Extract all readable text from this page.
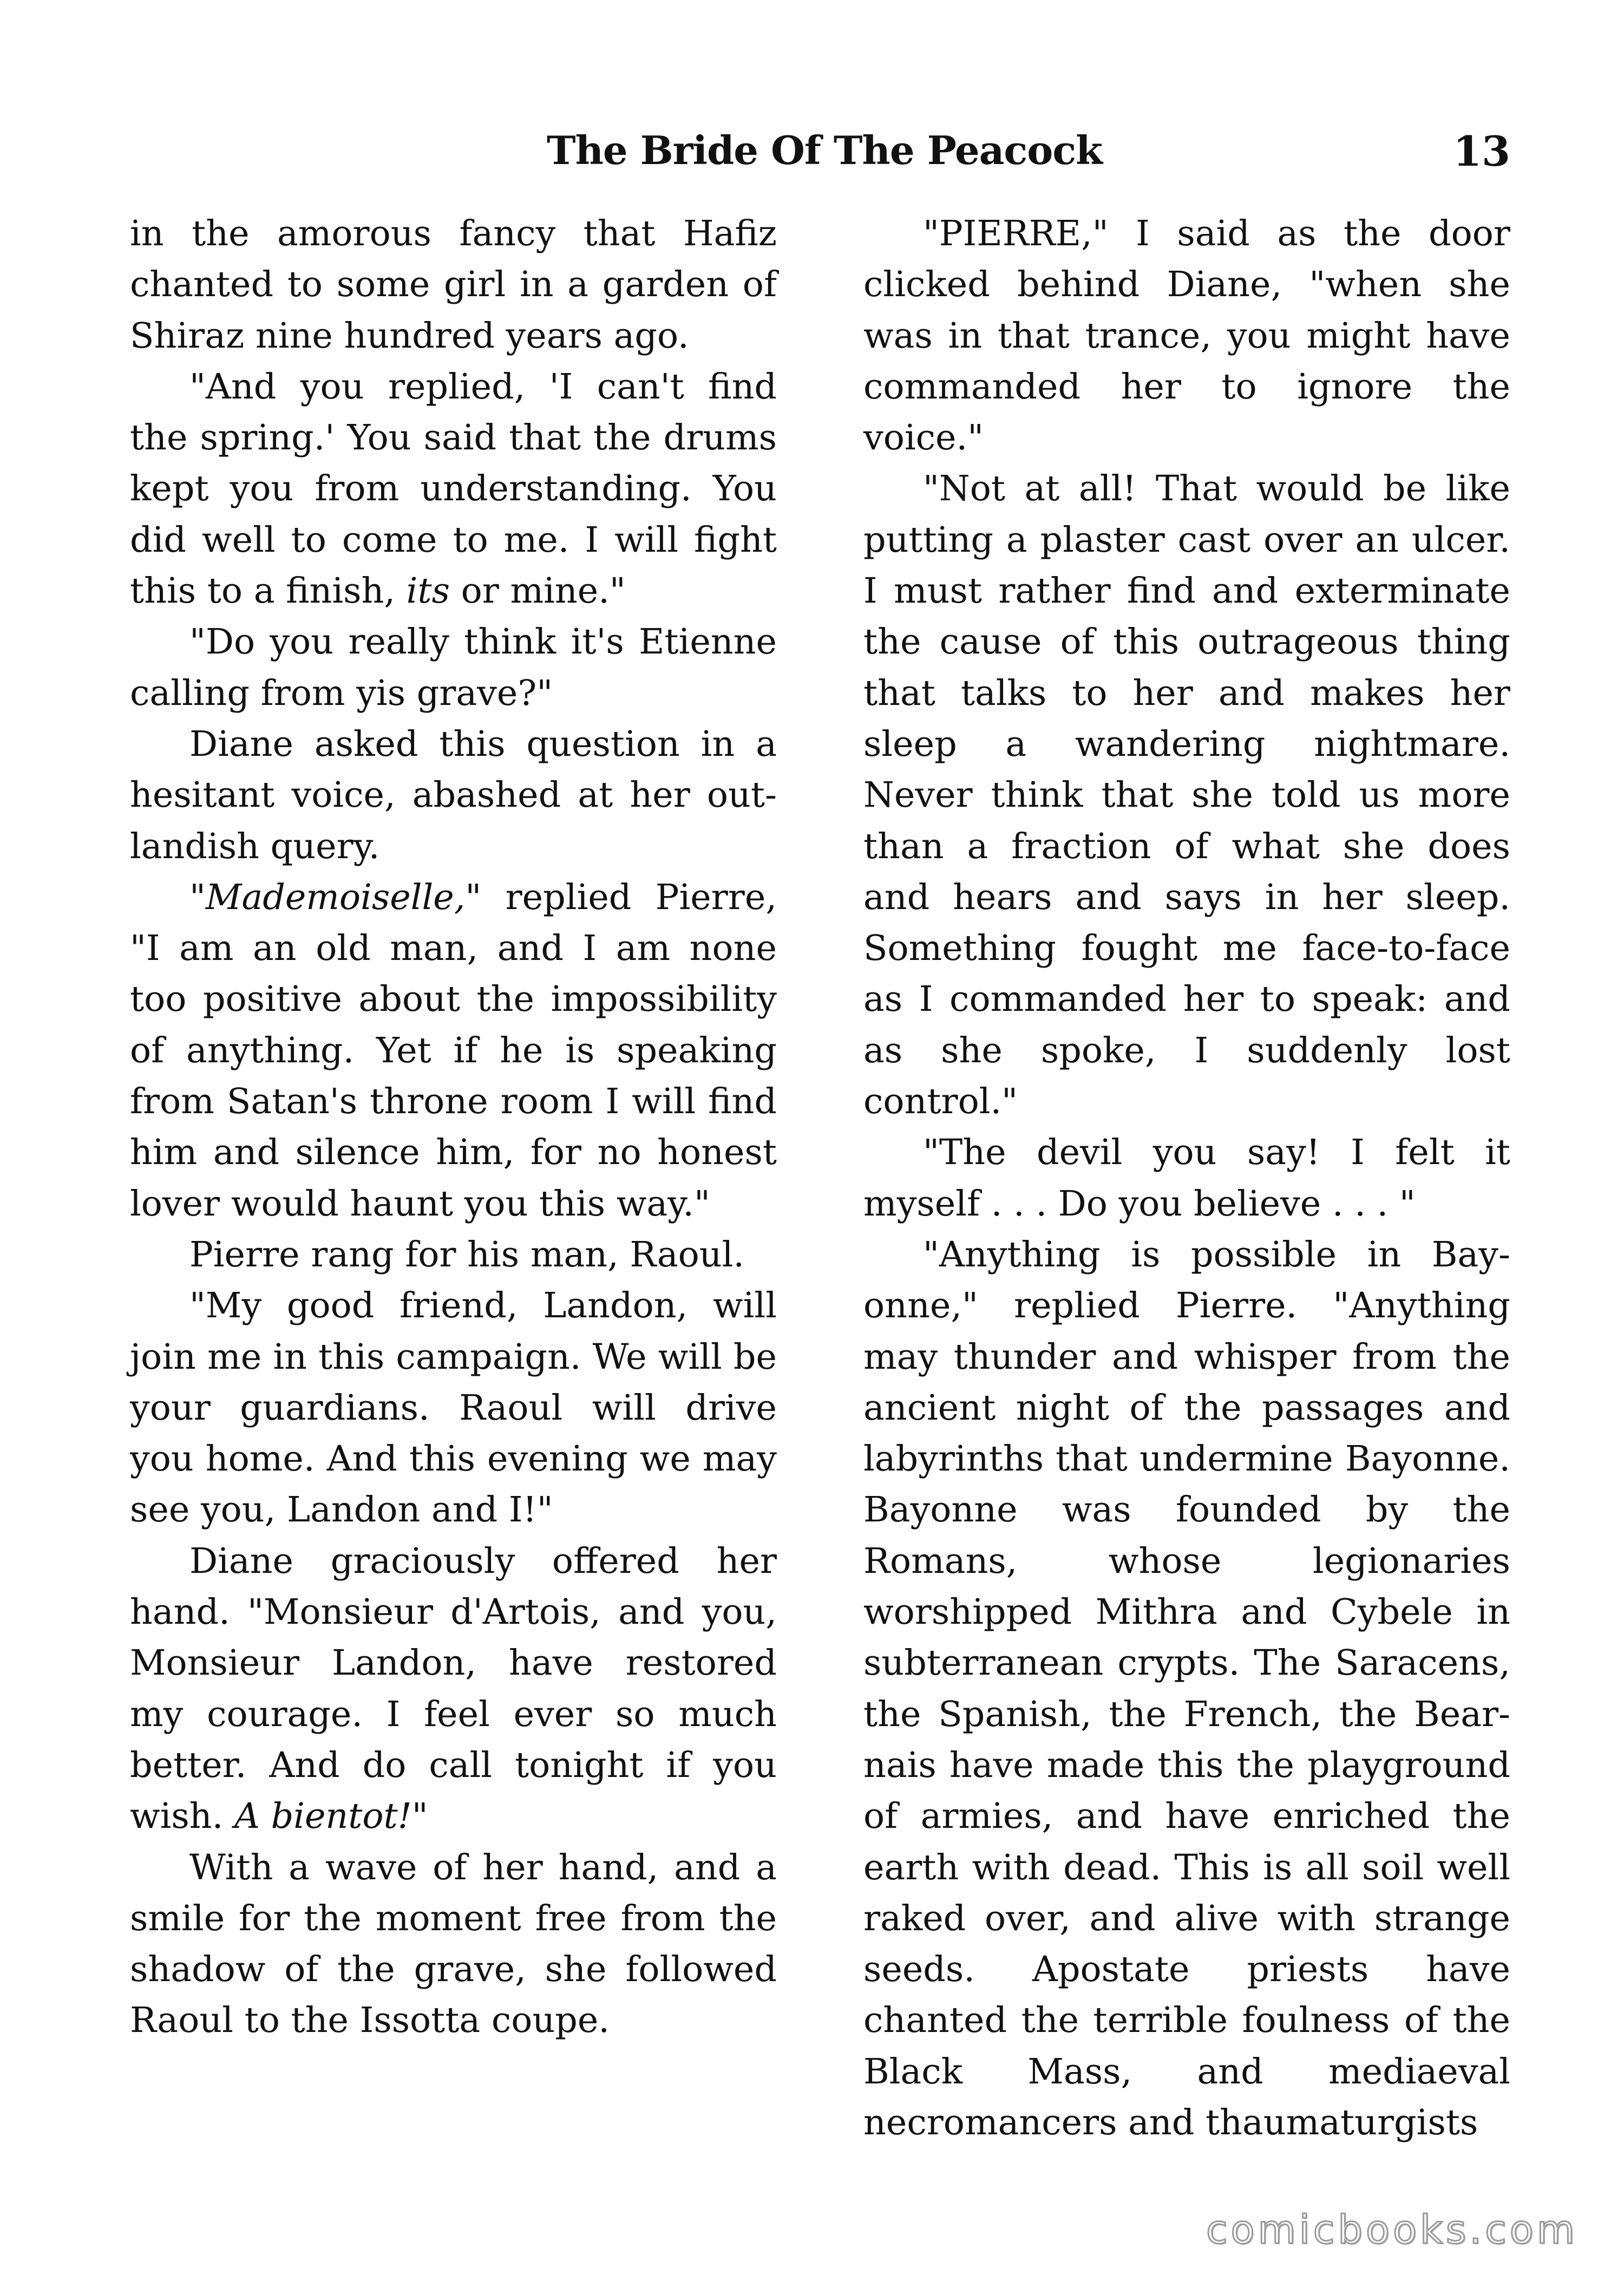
The Bride Of The Peacock	13

in the amorous fancy that Hafiz chanted to some girl in a garden of Shiraz nine hundred years ago.

"And you replied, 'I can't find the spring.' You said that the drums kept you from understanding. You did well to come to me. I will fight this to a finish, its or mine."

"Do you really think it's Etienne calling from yis grave?"

Diane asked this question in a hesitant voice, abashed at her outlandish query.

"Mademoiselle," replied Pierre, "I am an old man, and I am none too positive about the impossibility of anything. Yet if he is speaking from Satan's throne room I will find him and silence him, for no honest lover would haunt you this way."

Pierre rang for his man, Raoul.

"My good friend, Landon, will join me in this campaign. We will be your guardians. Raoul will drive you home. And this evening we may see you, Landon and I!"

Diane graciously offered her hand. "Monsieur d'Artois, and you, Monsieur Landon, have restored my courage. I feel ever so much better. And do call tonight if you wish. A bientot!"

With a wave of her hand, and a smile for the moment free from the shadow of the grave, she followed Raoul to the Issotta coupe.

"PIERRE," I said as the door clicked behind Diane, "when she was in that trance, you might have commanded her to ignore the voice."

"Not at all! That would be like putting a plaster cast over an ulcer. I must rather find and exterminate the cause of this outrageous thing that talks to her and makes her sleep a wandering nightmare. Never think that she told us more than a fraction of what she does and hears and says in her sleep. Something fought me face-to-face as I commanded her to speak: and as she spoke, I suddenly lost control."

"The devil you say! I felt it myself . . . Do you believe . . . "

"Anything is possible in Bayonne," replied Pierre. "Anything may thunder and whisper from the ancient night of the passages and labyrinths that undermine Bayonne. Bayonne was founded by the Romans, whose legionaries worshipped Mithra and Cybele in subterranean crypts. The Saracens, the Spanish, the French, the Bearnais have made this the playground of armies, and have enriched the earth with dead. This is all soil well raked over, and alive with strange seeds. Apostate priests have chanted the terrible foulness of the Black Mass, and mediaeval necromancers and thaumaturgists

comicbooks.com
